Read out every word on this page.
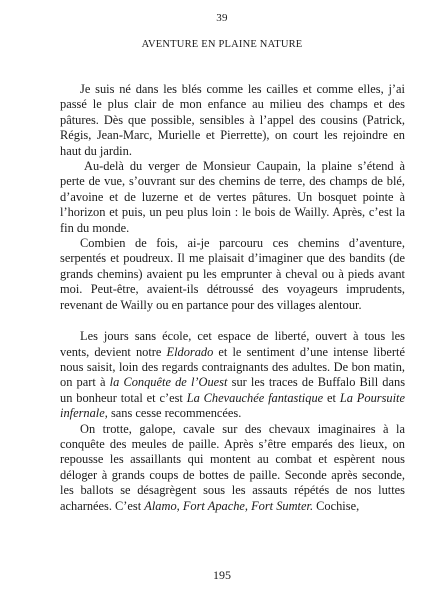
39
AVENTURE EN PLAINE NATURE

Je suis né dans les blés comme les cailles et comme elles, j’ai passé le plus clair de mon enfance au milieu des champs et des pâtures. Dès que possible, sensibles à l’appel des cousins (Patrick, Régis, Jean-Marc, Murielle et Pierrette), on court les rejoindre en haut du jardin.

Au-delà du verger de Monsieur Caupain, la plaine s’étend à perte de vue, s’ouvrant sur des chemins de terre, des champs de blé, d’avoine et de luzerne et de vertes pâtures. Un bosquet pointe à l’horizon et puis, un peu plus loin : le bois de Wailly. Après, c’est la fin du monde.

Combien de fois, ai-je parcouru ces chemins d’aventure, serpentés et poudreux. Il me plaisait d’imaginer que des bandits (de grands chemins) avaient pu les emprunter à cheval ou à pieds avant moi. Peut-être, avaient-ils détroussé des voyageurs imprudents, revenant de Wailly ou en partance pour des villages alentour.

Les jours sans école, cet espace de liberté, ouvert à tous les vents, devient notre Eldorado et le sentiment d’une intense liberté nous saisit, loin des regards contraignants des adultes. De bon matin, on part à la Conquête de l’Ouest sur les traces de Buffalo Bill dans un bonheur total et c’est La Chevauchée fantastique et La Poursuite infernale, sans cesse recommencées.

On trotte, galope, cavale sur des chevaux imaginaires à la conquête des meules de paille. Après s’être emparés des lieux, on repousse les assaillants qui montent au combat et espèrent nous déloger à grands coups de bottes de paille. Seconde après seconde, les ballots se désagrègent sous les assauts répétés de nos luttes acharnées. C’est Alamo, Fort Apache, Fort Sumter. Cochise,

195
